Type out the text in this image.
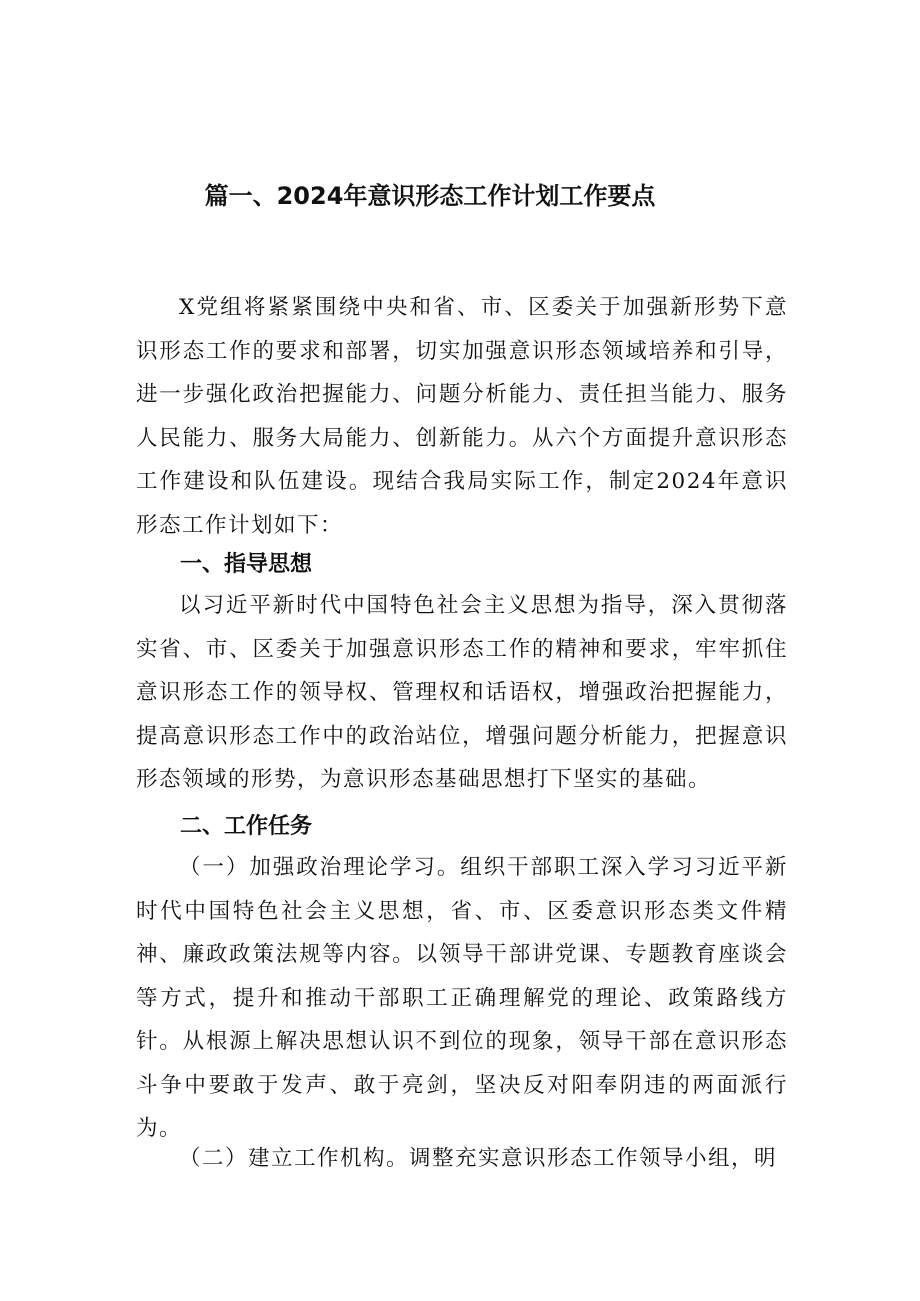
篇一、2024年意识形态工作计划工作要点

X党组将紧紧围绕中央和省、市、区委关于加强新形势下意识形态工作的要求和部署，切实加强意识形态领域培养和引导，进一步强化政治把握能力、问题分析能力、责任担当能力、服务人民能力、服务大局能力、创新能力。从六个方面提升意识形态工作建设和队伍建设。现结合我局实际工作，制定2024年意识形态工作计划如下：

一、指导思想

以习近平新时代中国特色社会主义思想为指导，深入贯彻落实省、市、区委关于加强意识形态工作的精神和要求，牢牢抓住意识形态工作的领导权、管理权和话语权，增强政治把握能力，提高意识形态工作中的政治站位，增强问题分析能力，把握意识形态领域的形势，为意识形态基础思想打下坚实的基础。

二、工作任务

（一）加强政治理论学习。组织干部职工深入学习习近平新时代中国特色社会主义思想，省、市、区委意识形态类文件精神、廉政政策法规等内容。以领导干部讲党课、专题教育座谈会等方式，提升和推动干部职工正确理解党的理论、政策路线方针。从根源上解决思想认识不到位的现象，领导干部在意识形态斗争中要敢于发声、敢于亮剑，坚决反对阳奉阴违的两面派行为。

（二）建立工作机构。调整充实意识形态工作领导小组，明
